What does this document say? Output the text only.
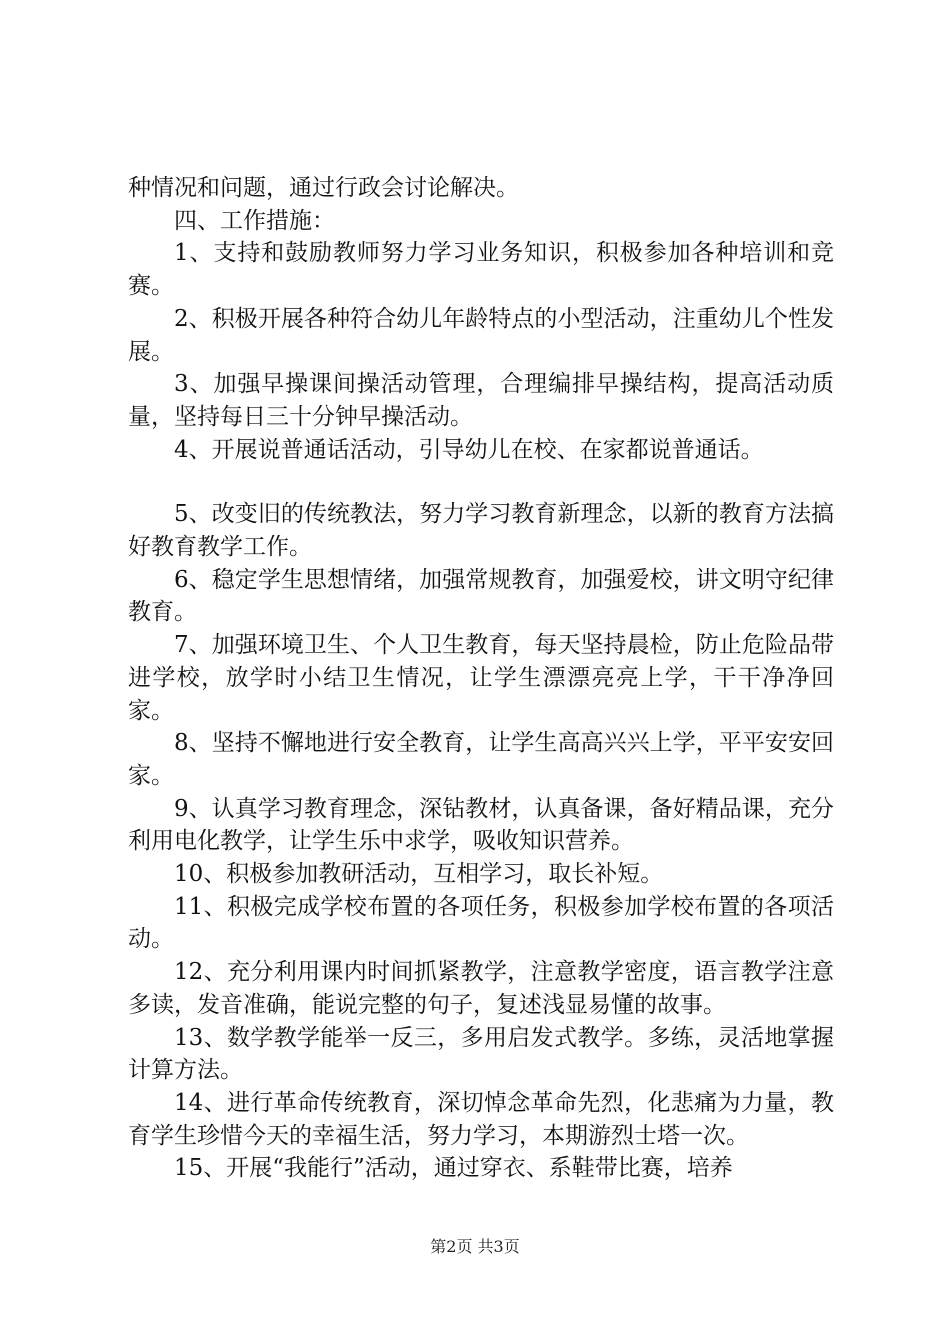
种情况和问题，通过行政会讨论解决。

四、工作措施：

1、支持和鼓励教师努力学习业务知识，积极参加各种培训和竞赛。

2、积极开展各种符合幼儿年龄特点的小型活动，注重幼儿个性发展。

3、加强早操课间操活动管理，合理编排早操结构，提高活动质量，坚持每日三十分钟早操活动。

4、开展说普通话活动，引导幼儿在校、在家都说普通话。

5、改变旧的传统教法，努力学习教育新理念，以新的教育方法搞好教育教学工作。

6、稳定学生思想情绪，加强常规教育，加强爱校，讲文明守纪律教育。

7、加强环境卫生、个人卫生教育，每天坚持晨检，防止危险品带进学校，放学时小结卫生情况，让学生漂漂亮亮上学，干干净净回家。

8、坚持不懈地进行安全教育，让学生高高兴兴上学，平平安安回家。

9、认真学习教育理念，深钻教材，认真备课，备好精品课，充分利用电化教学，让学生乐中求学，吸收知识营养。

10、积极参加教研活动，互相学习，取长补短。

11、积极完成学校布置的各项任务，积极参加学校布置的各项活动。

12、充分利用课内时间抓紧教学，注意教学密度，语言教学注意多读，发音准确，能说完整的句子，复述浅显易懂的故事。

13、数学教学能举一反三，多用启发式教学。多练，灵活地掌握计算方法。

14、进行革命传统教育，深切悼念革命先烈，化悲痛为力量，教育学生珍惜今天的幸福生活，努力学习，本期游烈士塔一次。

15、开展“我能行”活动，通过穿衣、系鞋带比赛，培养

第2页 共3页
